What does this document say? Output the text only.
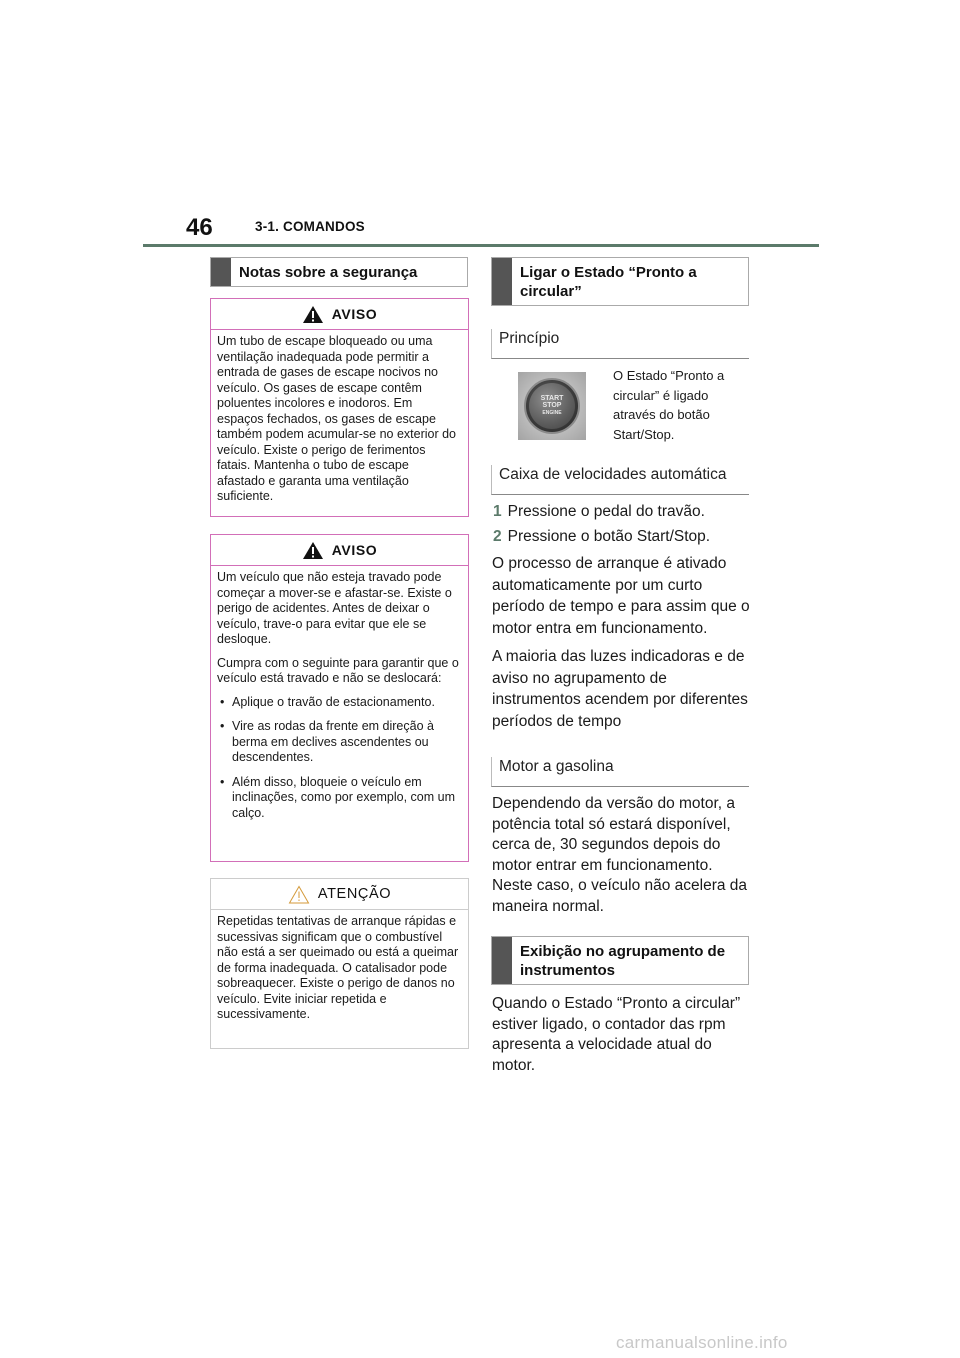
46	3-1. COMANDOS
Notas sobre a segurança
AVISO
Um tubo de escape bloqueado ou uma ventilação inadequada pode permitir a entrada de gases de escape nocivos no veículo. Os gases de escape contêm poluentes incolores e inodoros. Em espaços fechados, os gases de escape também podem acumular-se no exterior do veículo. Existe o perigo de ferimentos fatais. Mantenha o tubo de escape afastado e garanta uma ventilação suficiente.
AVISO

Um veículo que não esteja travado pode começar a mover-se e afastar-se. Existe o perigo de acidentes. Antes de deixar o veículo, trave-o para evitar que ele se desloque.

Cumpra com o seguinte para garantir que o veículo está travado e não se deslocará:

• Aplique o travão de estacionamento.
• Vire as rodas da frente em direção à berma em declives ascendentes ou descendentes.
• Além disso, bloqueie o veículo em inclinações, como por exemplo, com um calço.
ATENÇÃO
Repetidas tentativas de arranque rápidas e sucessivas significam que o combustível não está a ser queimado ou está a queimar de forma inadequada. O catalisador pode sobreaquecer. Existe o perigo de danos no veículo. Evite iniciar repetida e sucessivamente.
Ligar o Estado “Pronto a circular”
Princípio
START
STOP
ENGINE
O Estado “Pronto a circular” é ligado através do botão Start/Stop.
Caixa de velocidades automática
1 Pressione o pedal do travão.
2 Pressione o botão Start/Stop.
O processo de arranque é ativado automaticamente por um curto período de tempo e para assim que o motor entra em funcionamento.
A maioria das luzes indicadoras e de aviso no agrupamento de instrumentos acendem por diferentes períodos de tempo
Motor a gasolina
Dependendo da versão do motor, a potência total só estará disponível, cerca de, 30 segundos depois do motor entrar em funcionamento. Neste caso, o veículo não acelera da maneira normal.
Exibição no agrupamento de instrumentos
Quando o Estado “Pronto a circular” estiver ligado, o contador das rpm apresenta a velocidade atual do motor.
carmanualsonline.info
